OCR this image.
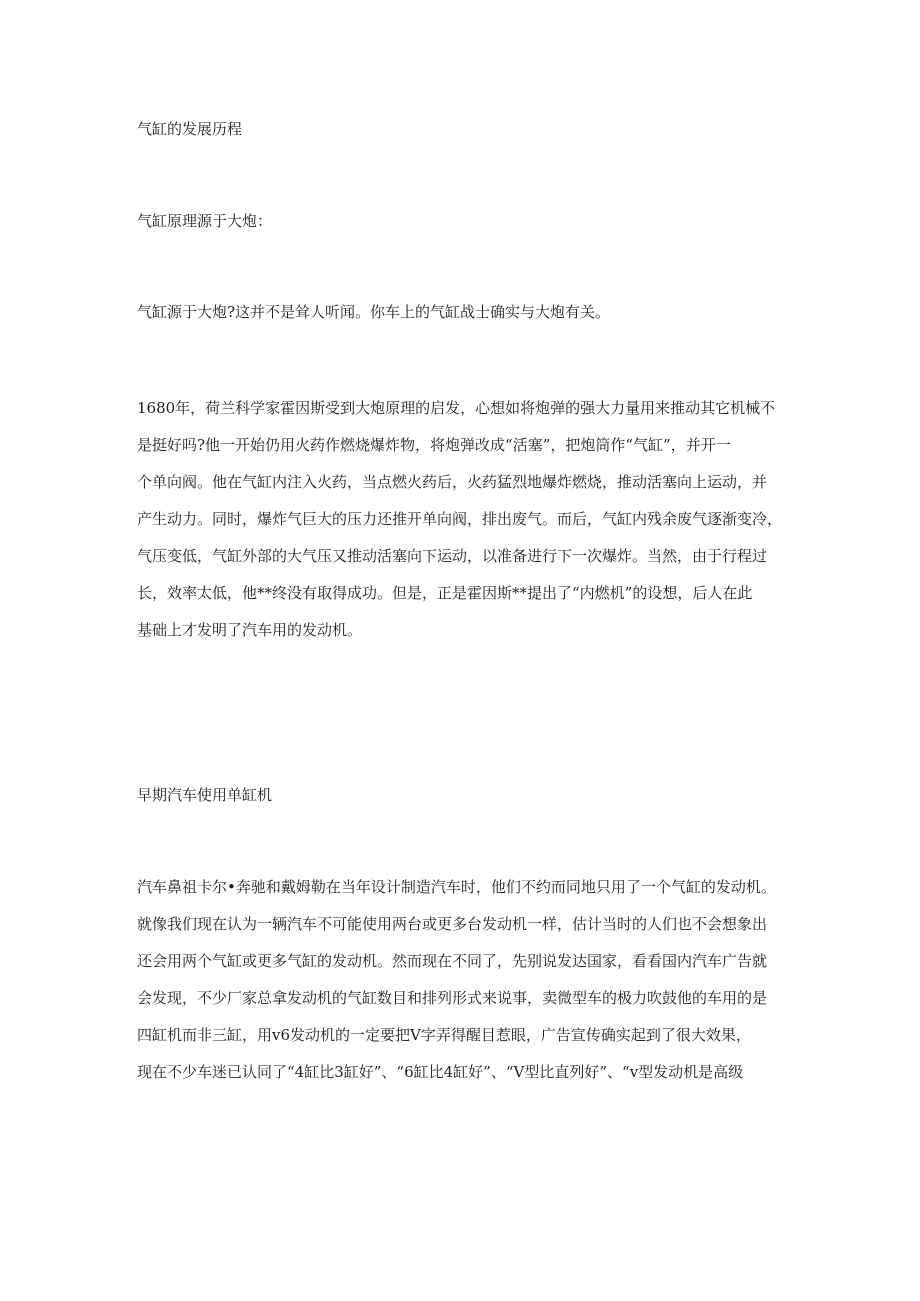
气缸的发展历程
气缸原理源于大炮：

气缸源于大炮?这并不是耸人听闻。你车上的气缸战士确实与大炮有关。

1680年，荷兰科学家霍因斯受到大炮原理的启发，心想如将炮弹的强大力量用来推动其它机械不
是挺好吗?他一开始仍用火药作燃烧爆炸物，将炮弹改成“活塞”，把炮筒作“气缸”，并开一
个单向阀。他在气缸内注入火药，当点燃火药后，火药猛烈地爆炸燃烧，推动活塞向上运动，并
产生动力。同时，爆炸气巨大的压力还推开单向阀，排出废气。而后，气缸内残余废气逐渐变冷，
气压变低，气缸外部的大气压又推动活塞向下运动，以准备进行下一次爆炸。当然，由于行程过
长，效率太低，他**终没有取得成功。但是，正是霍因斯**提出了“内燃机”的设想，后人在此
基础上才发明了汽车用的发动机。

早期汽车使用单缸机

汽车鼻祖卡尔•奔驰和戴姆勒在当年设计制造汽车时，他们不约而同地只用了一个气缸的发动机。
就像我们现在认为一辆汽车不可能使用两台或更多台发动机一样，估计当时的人们也不会想象出
还会用两个气缸或更多气缸的发动机。然而现在不同了，先别说发达国家，看看国内汽车广告就
会发现，不少厂家总拿发动机的气缸数目和排列形式来说事，卖微型车的极力吹鼓他的车用的是
四缸机而非三缸，用v6发动机的一定要把V字弄得醒目惹眼，广告宣传确实起到了很大效果，
现在不少车迷已认同了“4缸比3缸好”、“6缸比4缸好”、“V型比直列好”、“v型发动机是高级
